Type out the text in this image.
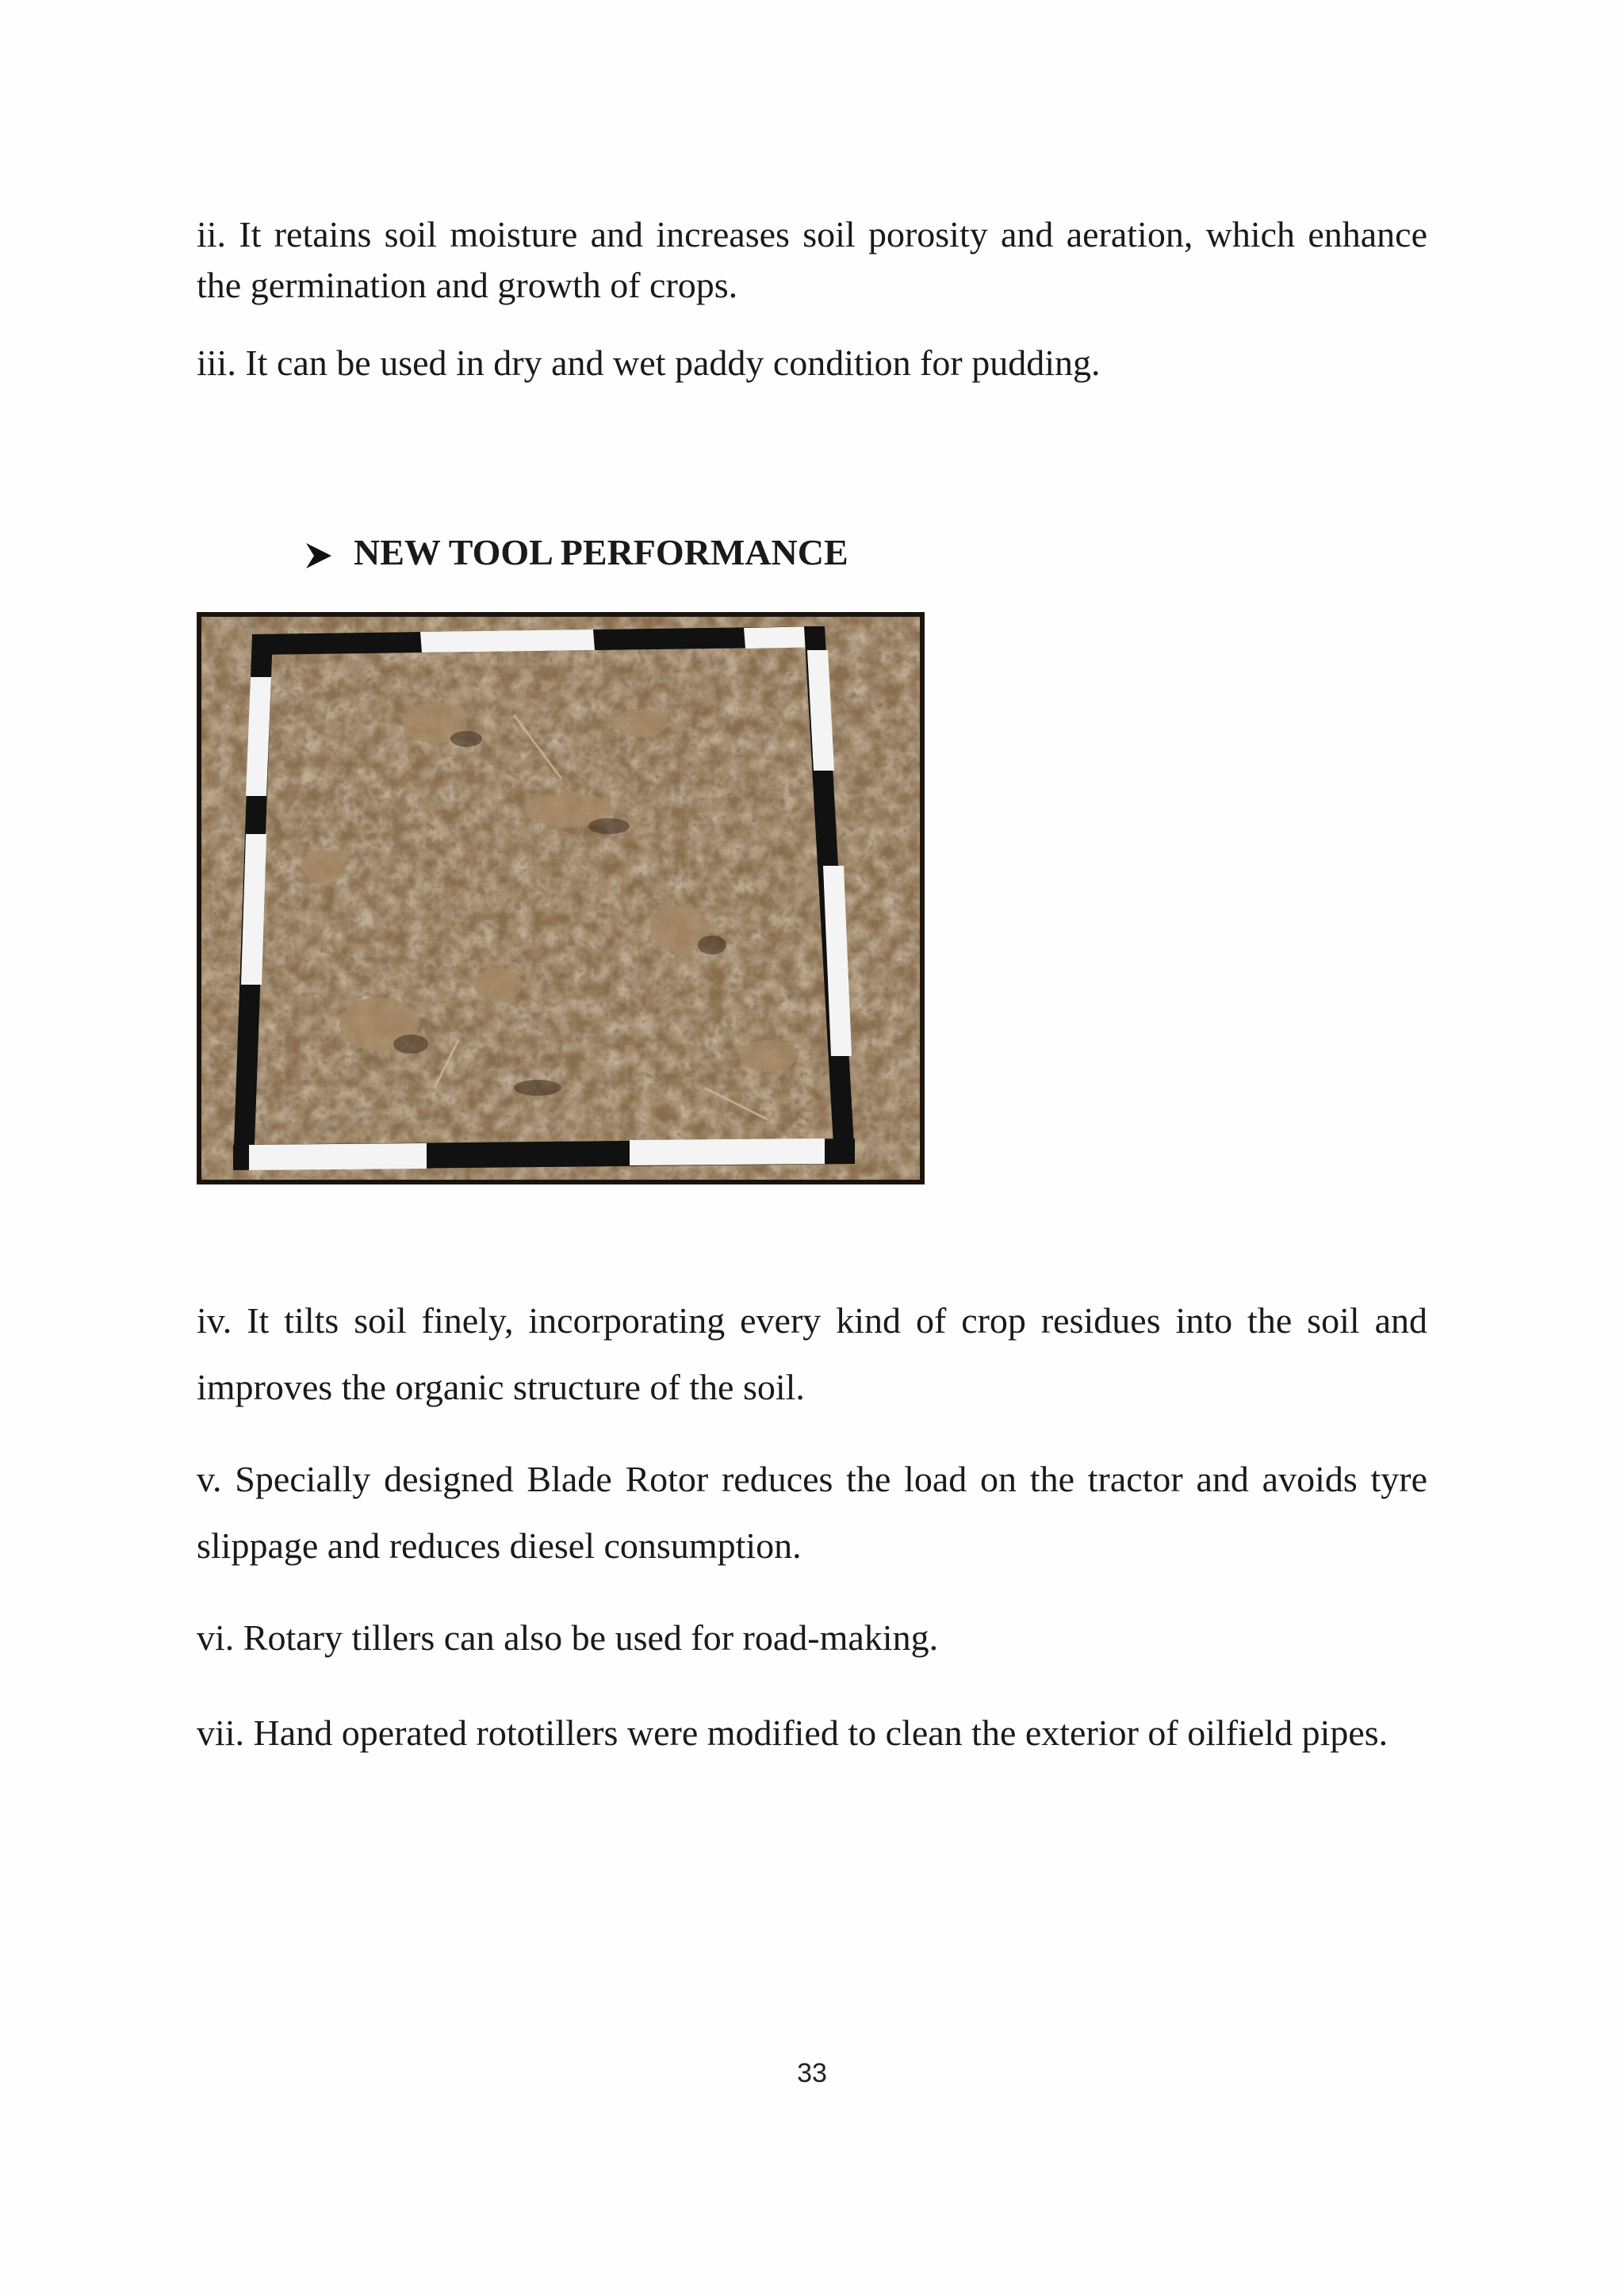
ii. It retains soil moisture and increases soil porosity and aeration, which enhance the germination and growth of crops.

iii. It can be used in dry and wet paddy condition for pudding.

NEW TOOL PERFORMANCE

iv. It tilts soil finely, incorporating every kind of crop residues into the soil and improves the organic structure of the soil.

v. Specially designed Blade Rotor reduces the load on the tractor and avoids tyre slippage and reduces diesel consumption.

vi. Rotary tillers can also be used for road-making.

vii. Hand operated rototillers were modified to clean the exterior of oilfield pipes.

33
